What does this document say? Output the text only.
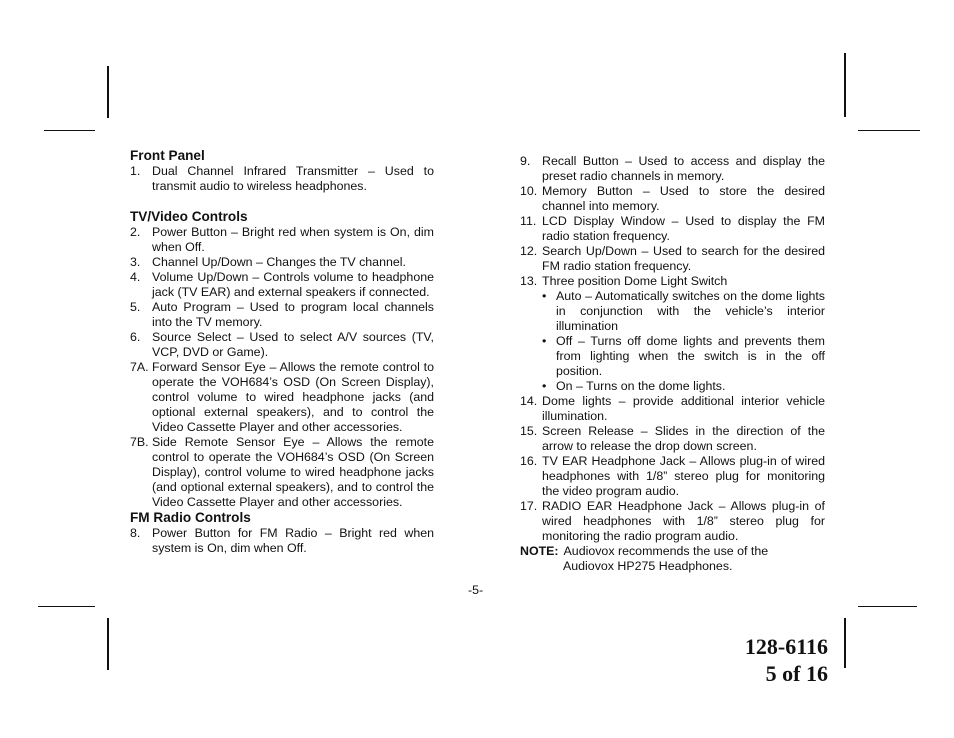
Front Panel

1. Dual Channel Infrared Transmitter – Used to transmit audio to wireless headphones.

TV/Video Controls

2. Power Button – Bright red when system is On, dim when Off.
3. Channel Up/Down – Changes the TV channel.
4. Volume Up/Down – Controls volume to headphone jack (TV EAR) and external speakers if connected.
5. Auto Program – Used to program local channels into the TV memory.
6. Source Select – Used to select A/V sources (TV, VCP, DVD or Game).
7A. Forward Sensor Eye – Allows the remote control to operate the VOH684’s OSD (On Screen Display), control volume to wired headphone jacks (and optional external speakers), and to control the Video Cassette Player and other accessories.
7B. Side Remote Sensor Eye – Allows the remote control to operate the VOH684’s OSD (On Screen Display), control volume to wired headphone jacks (and optional external speakers), and to control the Video Cassette Player and other accessories.

FM Radio Controls

8. Power Button for FM Radio – Bright red when system is On, dim when Off.
9. Recall Button – Used to access and display the preset radio channels in memory.
10. Memory Button – Used to store the desired channel into memory.
11. LCD Display Window – Used to display the FM radio station frequency.
12. Search Up/Down – Used to search for the desired FM radio station frequency.
13. Three position Dome Light Switch
• Auto – Automatically switches on the dome lights in conjunction with the vehicle’s interior illumination
• Off – Turns off dome lights and prevents them from lighting when the switch is in the off position.
• On – Turns on the dome lights.
14. Dome lights – provide additional interior vehicle illumination.
15. Screen Release – Slides in the direction of the arrow to release the drop down screen.
16. TV EAR Headphone Jack – Allows plug-in of wired headphones with 1/8” stereo plug for monitoring the video program audio.
17. RADIO EAR Headphone Jack – Allows plug-in of wired headphones with 1/8” stereo plug for monitoring the radio program audio.
NOTE: Audiovox recommends the use of the
Audiovox HP275 Headphones.
-5-
128-6116
5 of 16
